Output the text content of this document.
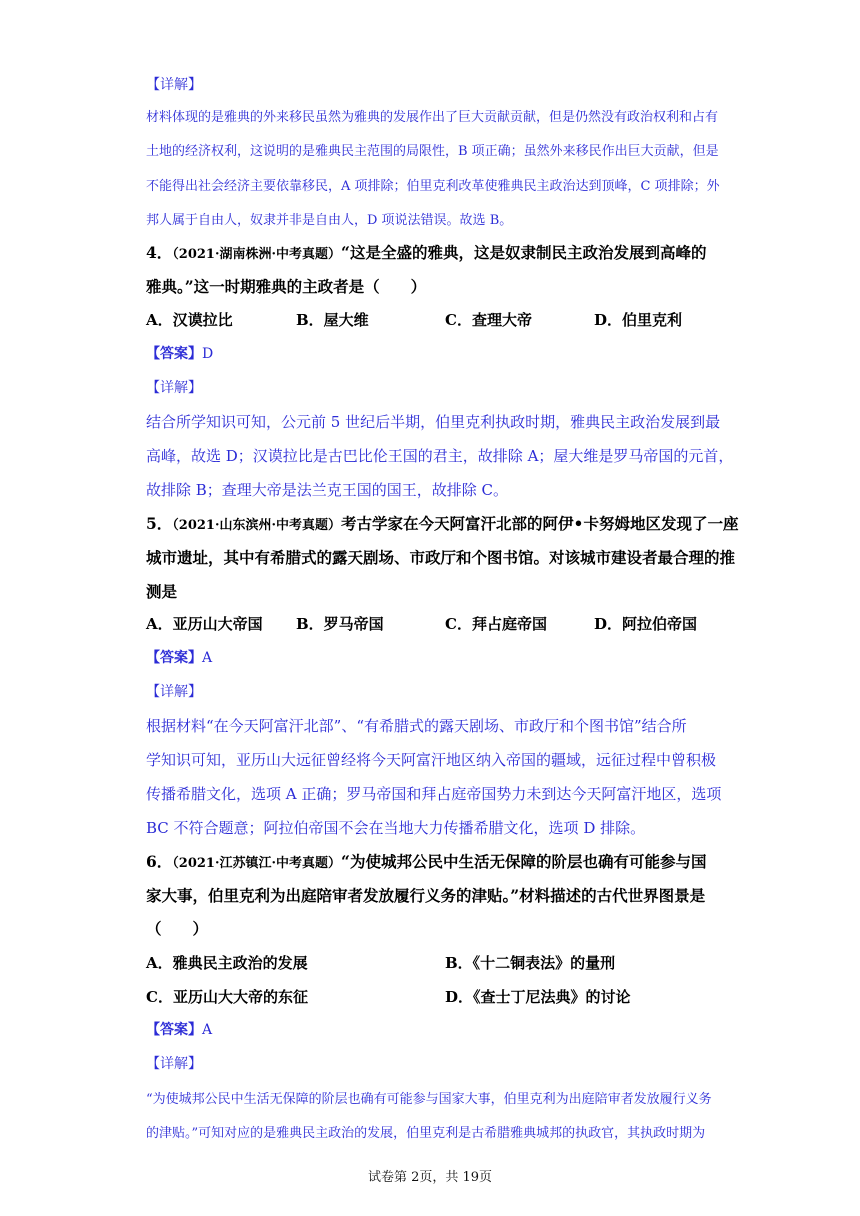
【详解】
材料体现的是雅典的外来移民虽然为雅典的发展作出了巨大贡献贡献，但是仍然没有政治权利和占有
土地的经济权利，这说明的是雅典民主范围的局限性，B 项正确；虽然外来移民作出巨大贡献，但是
不能得出社会经济主要依靠移民，A 项排除；伯里克利改革使雅典民主政治达到顶峰，C 项排除；外
邦人属于自由人，奴隶并非是自由人，D 项说法错误。故选 B。
4．（2021·湖南株洲·中考真题）“这是全盛的雅典，这是奴隶制民主政治发展到高峰的
雅典。”这一时期雅典的主政者是（　　）
A．汉谟拉比	B．屋大维	C．查理大帝	D．伯里克利
【答案】D
【详解】
结合所学知识可知，公元前 5 世纪后半期，伯里克利执政时期，雅典民主政治发展到最
高峰，故选 D；汉谟拉比是古巴比伦王国的君主，故排除 A；屋大维是罗马帝国的元首，
故排除 B；查理大帝是法兰克王国的国王，故排除 C。
5．（2021·山东滨州·中考真题）考古学家在今天阿富汗北部的阿伊•卡努姆地区发现了一座
城市遗址，其中有希腊式的露天剧场、市政厅和个图书馆。对该城市建设者最合理的推
测是
A．亚历山大帝国 B．罗马帝国	C．拜占庭帝国	D．阿拉伯帝国
【答案】A
【详解】
根据材料“在今天阿富汗北部”、“有希腊式的露天剧场、市政厅和个图书馆”结合所
学知识可知，亚历山大远征曾经将今天阿富汗地区纳入帝国的疆域，远征过程中曾积极
传播希腊文化，选项 A 正确；罗马帝国和拜占庭帝国势力未到达今天阿富汗地区，选项
BC 不符合题意；阿拉伯帝国不会在当地大力传播希腊文化，选项 D 排除。
6．（2021·江苏镇江·中考真题）“为使城邦公民中生活无保障的阶层也确有可能参与国
家大事，伯里克利为出庭陪审者发放履行义务的津贴。”材料描述的古代世界图景是
（　　）
A．雅典民主政治的发展	B．《十二铜表法》的量刑
C．亚历山大大帝的东征	D．《查士丁尼法典》的讨论
【答案】A
【详解】
“为使城邦公民中生活无保障的阶层也确有可能参与国家大事，伯里克利为出庭陪审者发放履行义务
的津贴。”可知对应的是雅典民主政治的发展，伯里克利是古希腊雅典城邦的执政官，其执政时期为
试卷第 2页，共 19页
